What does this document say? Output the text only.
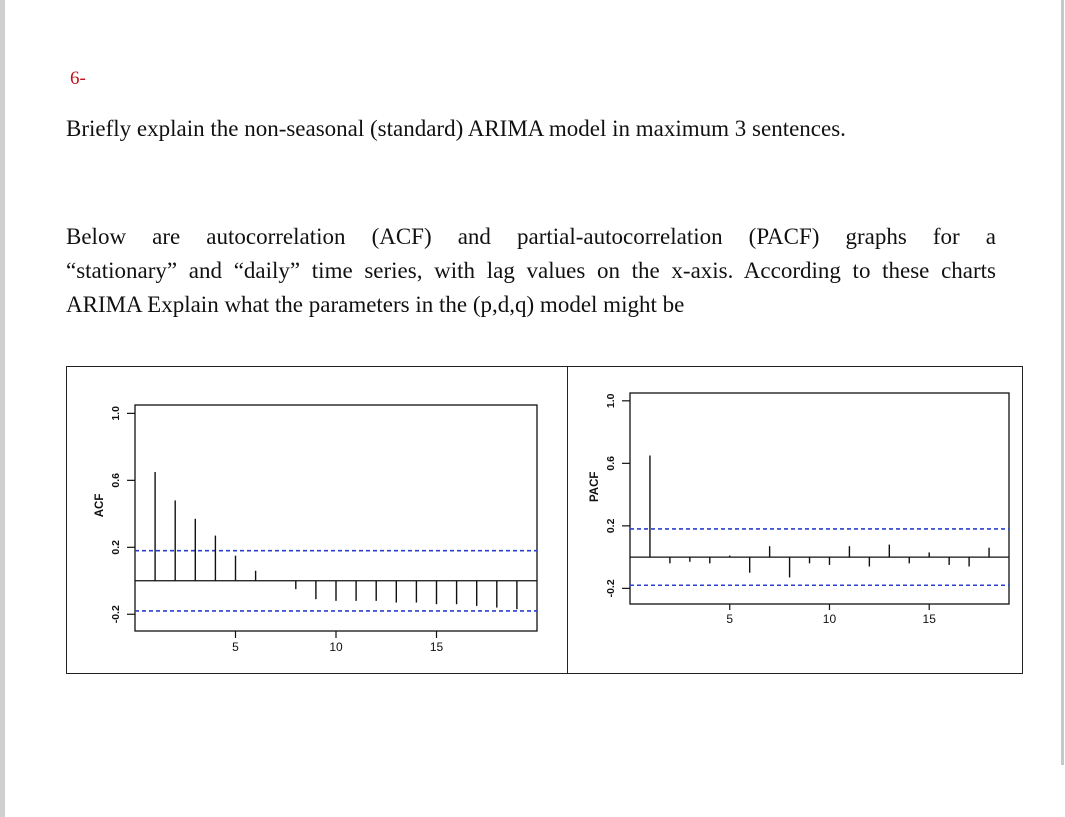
6-

Briefly explain the non-seasonal (standard) ARIMA model in maximum 3 sentences.

Below are autocorrelation (ACF) and partial-autocorrelation (PACF) graphs for a
“stationary” and “daily” time series, with lag values on the x-axis. According to these charts
ARIMA Explain what the parameters in the (p,d,q) model might be

-0.2
0.2
0.6
1.0
ACF
5	10	15
-0.2
0.2
0.6
1.0
PACF
5	10	15
